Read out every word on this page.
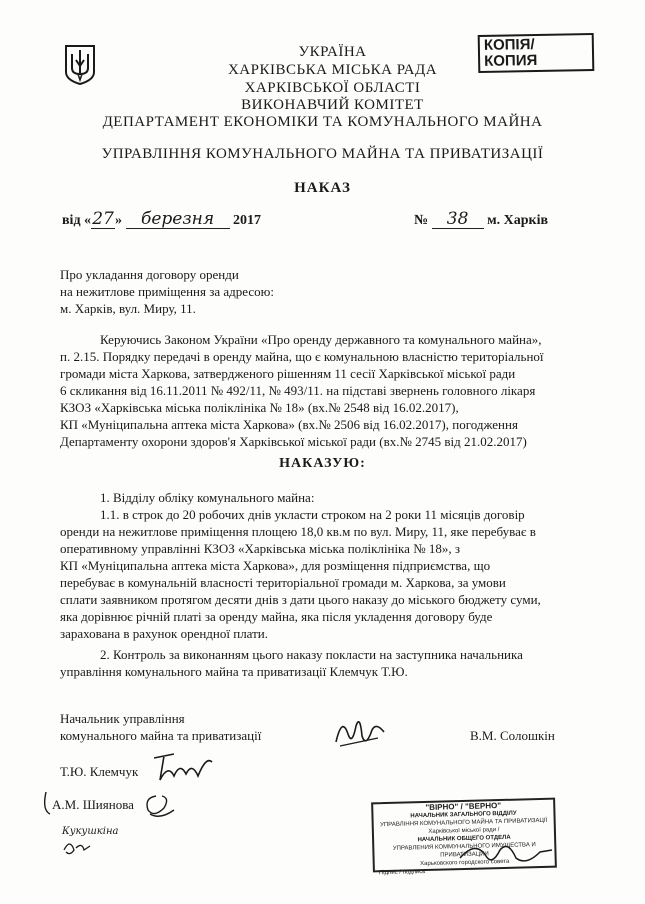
КОПІЯ/
КОПИЯ
УКРАЇНА
ХАРКІВСЬКА МІСЬКА РАДА
ХАРКІВСЬКОЇ ОБЛАСТІ
ВИКОНАВЧИЙ КОМІТЕТ
ДЕПАРТАМЕНТ ЕКОНОМІКИ ТА КОМУНАЛЬНОГО МАЙНА
УПРАВЛІННЯ КОМУНАЛЬНОГО МАЙНА ТА ПРИВАТИЗАЦІЇ
НАКАЗ
від «27» березня 2017	№ 38 м. Харків
Про укладання договору оренди
на нежитлове приміщення за адресою:
м. Харків, вул. Миру, 11.
Керуючись Законом України «Про оренду державного та комунального майна»,
п. 2.15. Порядку передачі в оренду майна, що є комунальною власністю територіальної
громади міста Харкова, затвердженого рішенням 11 сесії Харківської міської ради
6 скликання від 16.11.2011 № 492/11, № 493/11. на підставі звернень головного лікаря
КЗОЗ «Харківська міська поліклініка № 18» (вх.№ 2548 від 16.02.2017),
КП «Муніципальна аптека міста Харкова» (вх.№ 2506 від 16.02.2017), погодження
Департаменту охорони здоров'я Харківської міської ради (вх.№ 2745 від 21.02.2017)
НАКАЗУЮ:
1. Відділу обліку комунального майна:
1.1. в строк до 20 робочих днів укласти строком на 2 роки 11 місяців договір
оренди на нежитлове приміщення площею 18,0 кв.м по вул. Миру, 11, яке перебуває в
оперативному управлінні КЗОЗ «Харківська міська поліклініка № 18», з
КП «Муніципальна аптека міста Харкова», для розміщення підприємства, що
перебуває в комунальній власності територіальної громади м. Харкова, за умови
сплати заявником протягом десяти днів з дати цього наказу до міського бюджету суми,
яка дорівнює річній платі за оренду майна, яка після укладення договору буде
зарахована в рахунок орендної плати.
2. Контроль за виконанням цього наказу покласти на заступника начальника
управління комунального майна та приватизації Клемчук Т.Ю.
Начальник управління
комунального майна та приватизації	В.М. Солошкін
Т.Ю. Клемчук
А.М. Шиянова
Кукушкіна
"ВІРНО" / "ВЕРНО"
НАЧАЛЬНИК ЗАГАЛЬНОГО ВІДДІЛУ
УПРАВЛІННЯ КОМУНАЛЬНОГО МАЙНА ТА ПРИВАТИЗАЦІЇ
Харківської міської ради /
НАЧАЛЬНИК ОБЩЕГО ОТДЕЛА
УПРАВЛЕНИЯ КОММУНАЛЬНОГО ИМУЩЕСТВА И ПРИВАТИЗАЦИИ
Харьковского городского совета
Підпис / подпись
